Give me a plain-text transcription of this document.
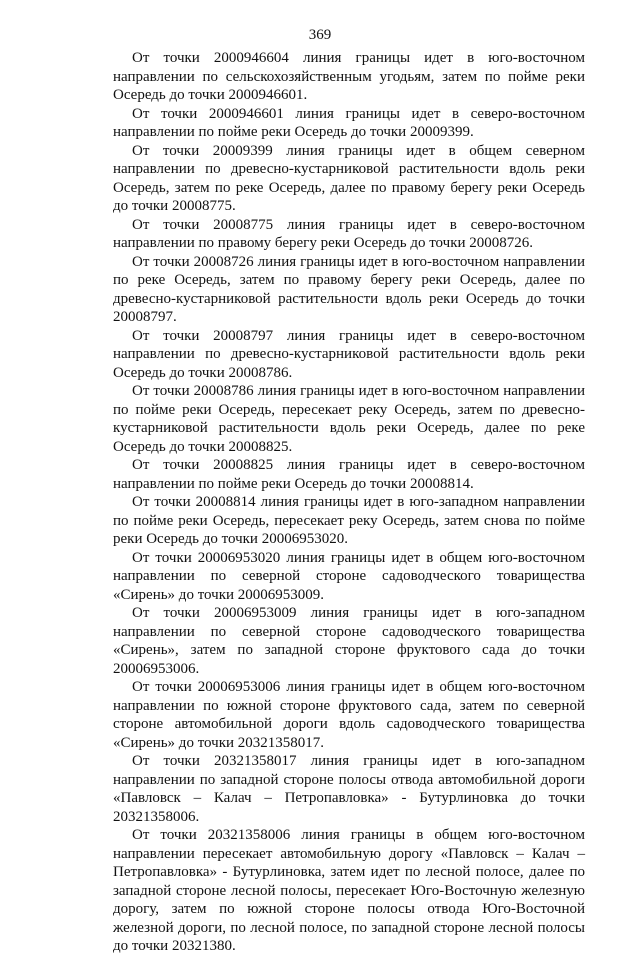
369

От точки 2000946604 линия границы идет в юго-восточном направлении по сельскохозяйственным угодьям, затем по пойме реки Осередь до точки 2000946601.

От точки 2000946601 линия границы идет в северо-восточном направлении по пойме реки Осередь до точки 20009399.

От точки 20009399 линия границы идет в общем северном направлении по древесно-кустарниковой растительности вдоль реки Осередь, затем по реке Осередь, далее по правому берегу реки Осередь до точки 20008775.

От точки 20008775 линия границы идет в северо-восточном направлении по правому берегу реки Осередь до точки 20008726.

От точки 20008726 линия границы идет в юго-восточном направлении по реке Осередь, затем по правому берегу реки Осередь, далее по древесно-кустарниковой растительности вдоль реки Осередь до точки 20008797.

От точки 20008797 линия границы идет в северо-восточном направлении по древесно-кустарниковой растительности вдоль реки Осередь до точки 20008786.

От точки 20008786 линия границы идет в юго-восточном направлении по пойме реки Осередь, пересекает реку Осередь, затем по древесно-кустарниковой растительности вдоль реки Осередь, далее по реке Осередь до точки 20008825.

От точки 20008825 линия границы идет в северо-восточном направлении по пойме реки Осередь до точки 20008814.

От точки 20008814 линия границы идет в юго-западном направлении по пойме реки Осередь, пересекает реку Осередь, затем снова по пойме реки Осередь до точки 20006953020.

От точки 20006953020 линия границы идет в общем юго-восточном направлении по северной стороне садоводческого товарищества «Сирень» до точки 20006953009.

От точки 20006953009 линия границы идет в юго-западном направлении по северной стороне садоводческого товарищества «Сирень», затем по западной стороне фруктового сада до точки 20006953006.

От точки 20006953006 линия границы идет в общем юго-восточном направлении по южной стороне фруктового сада, затем по северной стороне автомобильной дороги вдоль садоводческого товарищества «Сирень» до точки 20321358017.

От точки 20321358017 линия границы идет в юго-западном направлении по западной стороне полосы отвода автомобильной дороги «Павловск – Калач – Петропавловка» - Бутурлиновка до точки 20321358006.

От точки 20321358006 линия границы в общем юго-восточном направлении пересекает автомобильную дорогу «Павловск – Калач – Петропавловка» - Бутурлиновка, затем идет по лесной полосе, далее по западной стороне лесной полосы, пересекает Юго-Восточную железную дорогу, затем по южной стороне полосы отвода Юго-Восточной железной дороги, по лесной полосе, по западной стороне лесной полосы до точки 20321380.
